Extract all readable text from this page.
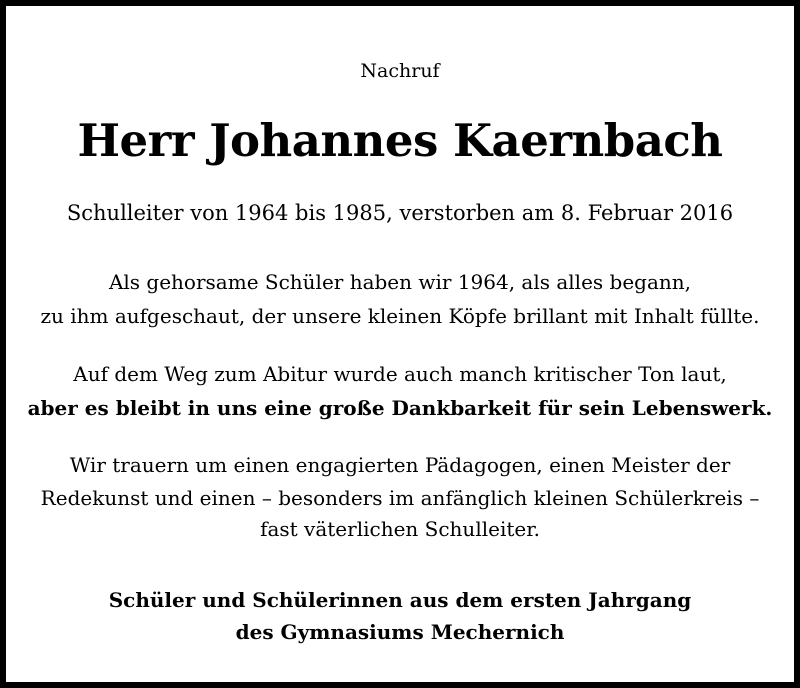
Nachruf
Herr Johannes Kaernbach
Schulleiter von 1964 bis 1985, verstorben am 8. Februar 2016
Als gehorsame Schüler haben wir 1964, als alles begann,
zu ihm aufgeschaut, der unsere kleinen Köpfe brillant mit Inhalt füllte.
Auf dem Weg zum Abitur wurde auch manch kritischer Ton laut,
aber es bleibt in uns eine große Dankbarkeit für sein Lebenswerk.
Wir trauern um einen engagierten Pädagogen, einen Meister der
Redekunst und einen – besonders im anfänglich kleinen Schülerkreis –
fast väterlichen Schulleiter.
Schüler und Schülerinnen aus dem ersten Jahrgang
des Gymnasiums Mechernich
